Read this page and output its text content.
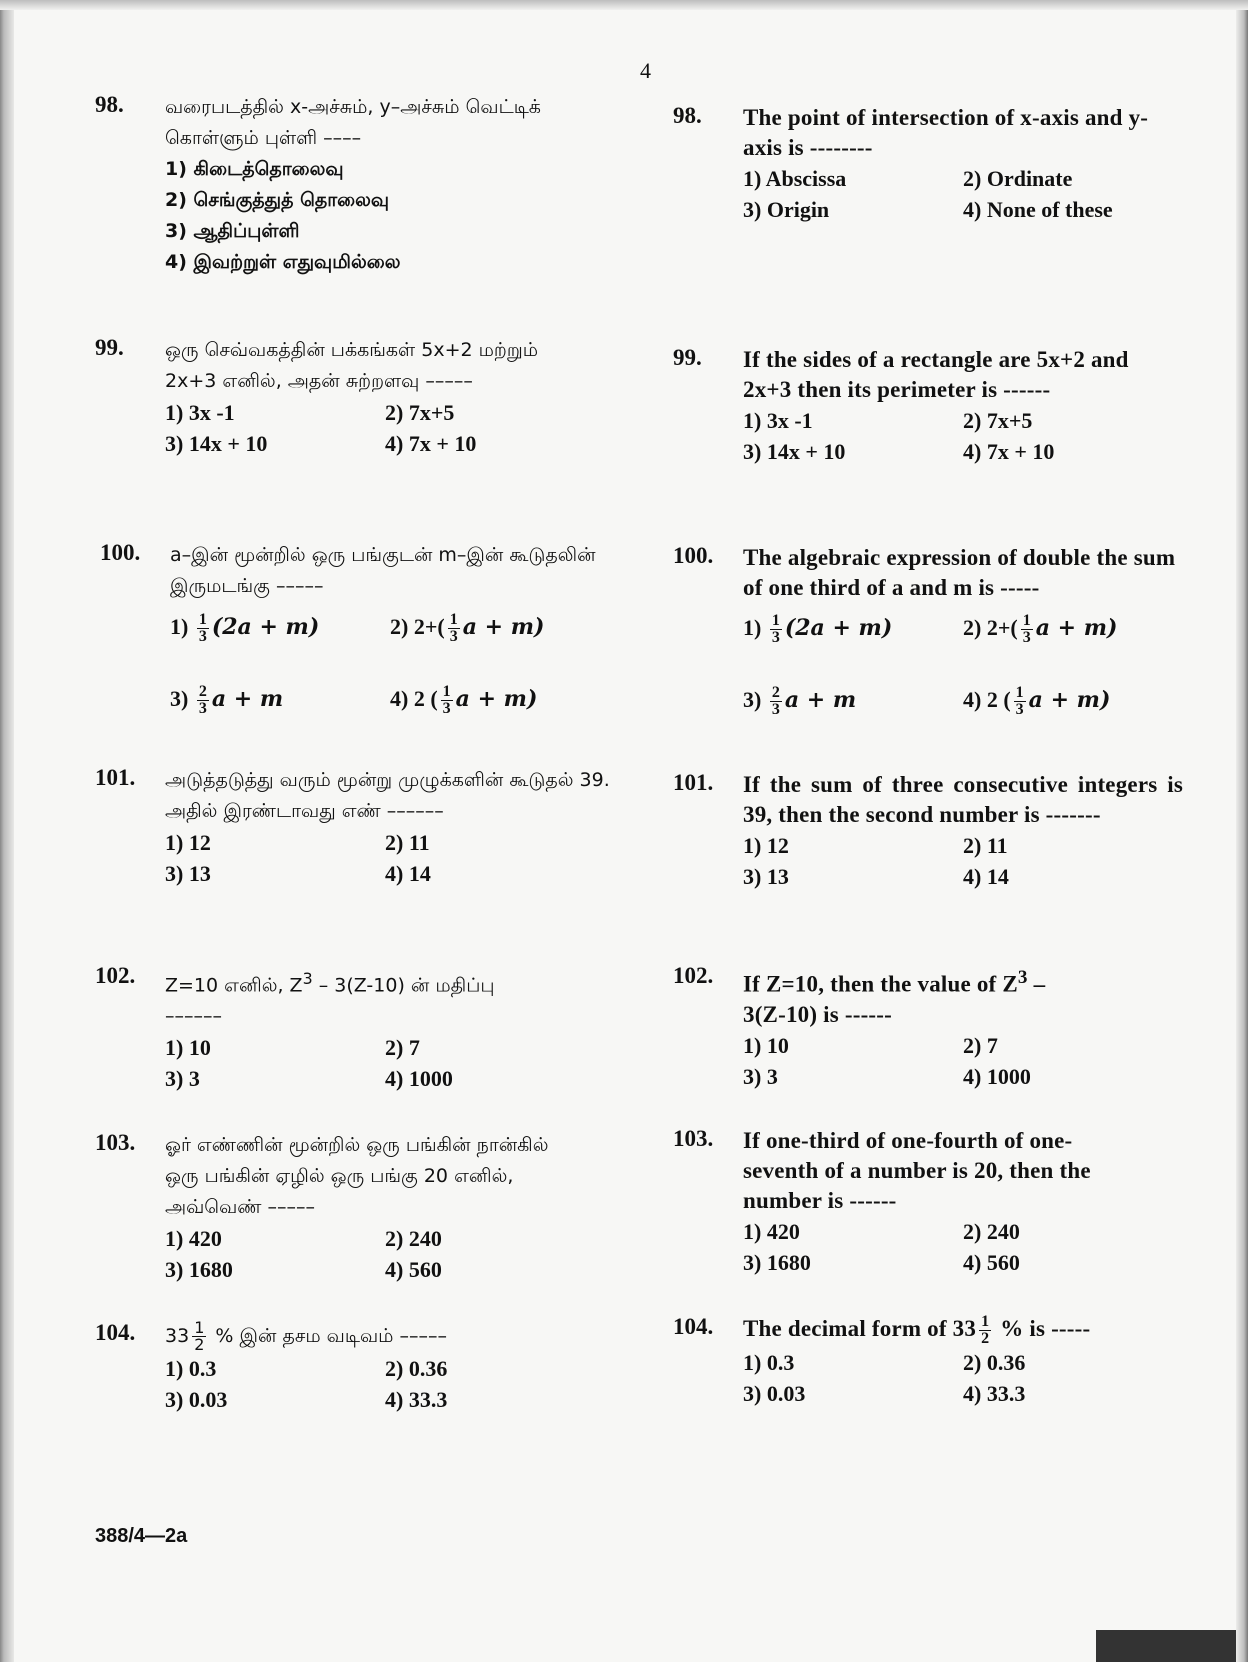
4
98. வரைபடத்தில் x-அச்சும், y–அச்சும் வெட்டிக் கொள்ளும் புள்ளி ––––
1) கிடைத்தொலைவு
2) செங்குத்துத் தொலைவு
3) ஆதிப்புள்ளி
4) இவற்றுள் எதுவுமில்லை
98. The point of intersection of x-axis and y-axis is --------
1) Abscissa	2) Ordinate
3) Origin	4) None of these
99. ஒரு செவ்வகத்தின் பக்கங்கள் 5x+2 மற்றும் 2x+3 எனில், அதன் சுற்றளவு –––––
1) 3x -1	2) 7x+5
3) 14x + 10	4) 7x + 10
99. If the sides of a rectangle are 5x+2 and 2x+3 then its perimeter is ------
1) 3x -1	2) 7x+5
3) 14x + 10	4) 7x + 10
100. a–இன் மூன்றில் ஒரு பங்குடன் m–இன் கூடுதலின் இருமடங்கு –––––
$1) \frac{1}{3} (2a + m)$	2) $2+( \frac{1}{3}$ a + m)
$3) \frac{2}{3}$ a + m	4) 2 ( $\frac{1}{3}$ a + m)
100. The algebraic expression of double the sum of one third of a and m is -----
$1) \frac{1}{3} (2a + m)$	2) $2+( \frac{1}{3}$ a + m)
$3) \frac{2}{3}$ a + m	4) 2 ( $\frac{1}{3}$ a + m)
101. அடுத்தடுத்து வரும் மூன்று முழுக்களின் கூடுதல் 39. அதில் இரண்டாவது எண் ––––––
1) 12	2) 11
3) 13	4) 14
101. If the sum of three consecutive integers is 39, then the second number is -------
1) 12	2) 11
3) 13	4) 14
102. Z=10 எனில், $Z^3 - 3(Z-10)$ ன் மதிப்பு ––––––
1) 10	2) 7
3) 3	4) 1000
102. If Z=10, then the value of $Z^3 - 3(Z-10)$ is ------
1) 10	2) 7
3) 3	4) 1000
103. ஓர் எண்ணின் மூன்றில் ஒரு பங்கின் நான்கில் ஒரு பங்கின் ஏழில் ஒரு பங்கு 20 எனில், அவ்வெண் –––––
1) 420	2) 240
3) 1680	4) 560
103. If one-third of one-fourth of one-seventh of a number is 20, then the number is ------
1) 420	2) 240
3) 1680	4) 560
104. $33 \frac{1}{2}$ % இன் தசம வடிவம் –––––
1) 0.3	2) 0.36
3) 0.03	4) 33.3
104. The decimal form of $33 \frac{1}{2}$ % is -----
1) 0.3	2) 0.36
3) 0.03	4) 33.3
388/4—2a
